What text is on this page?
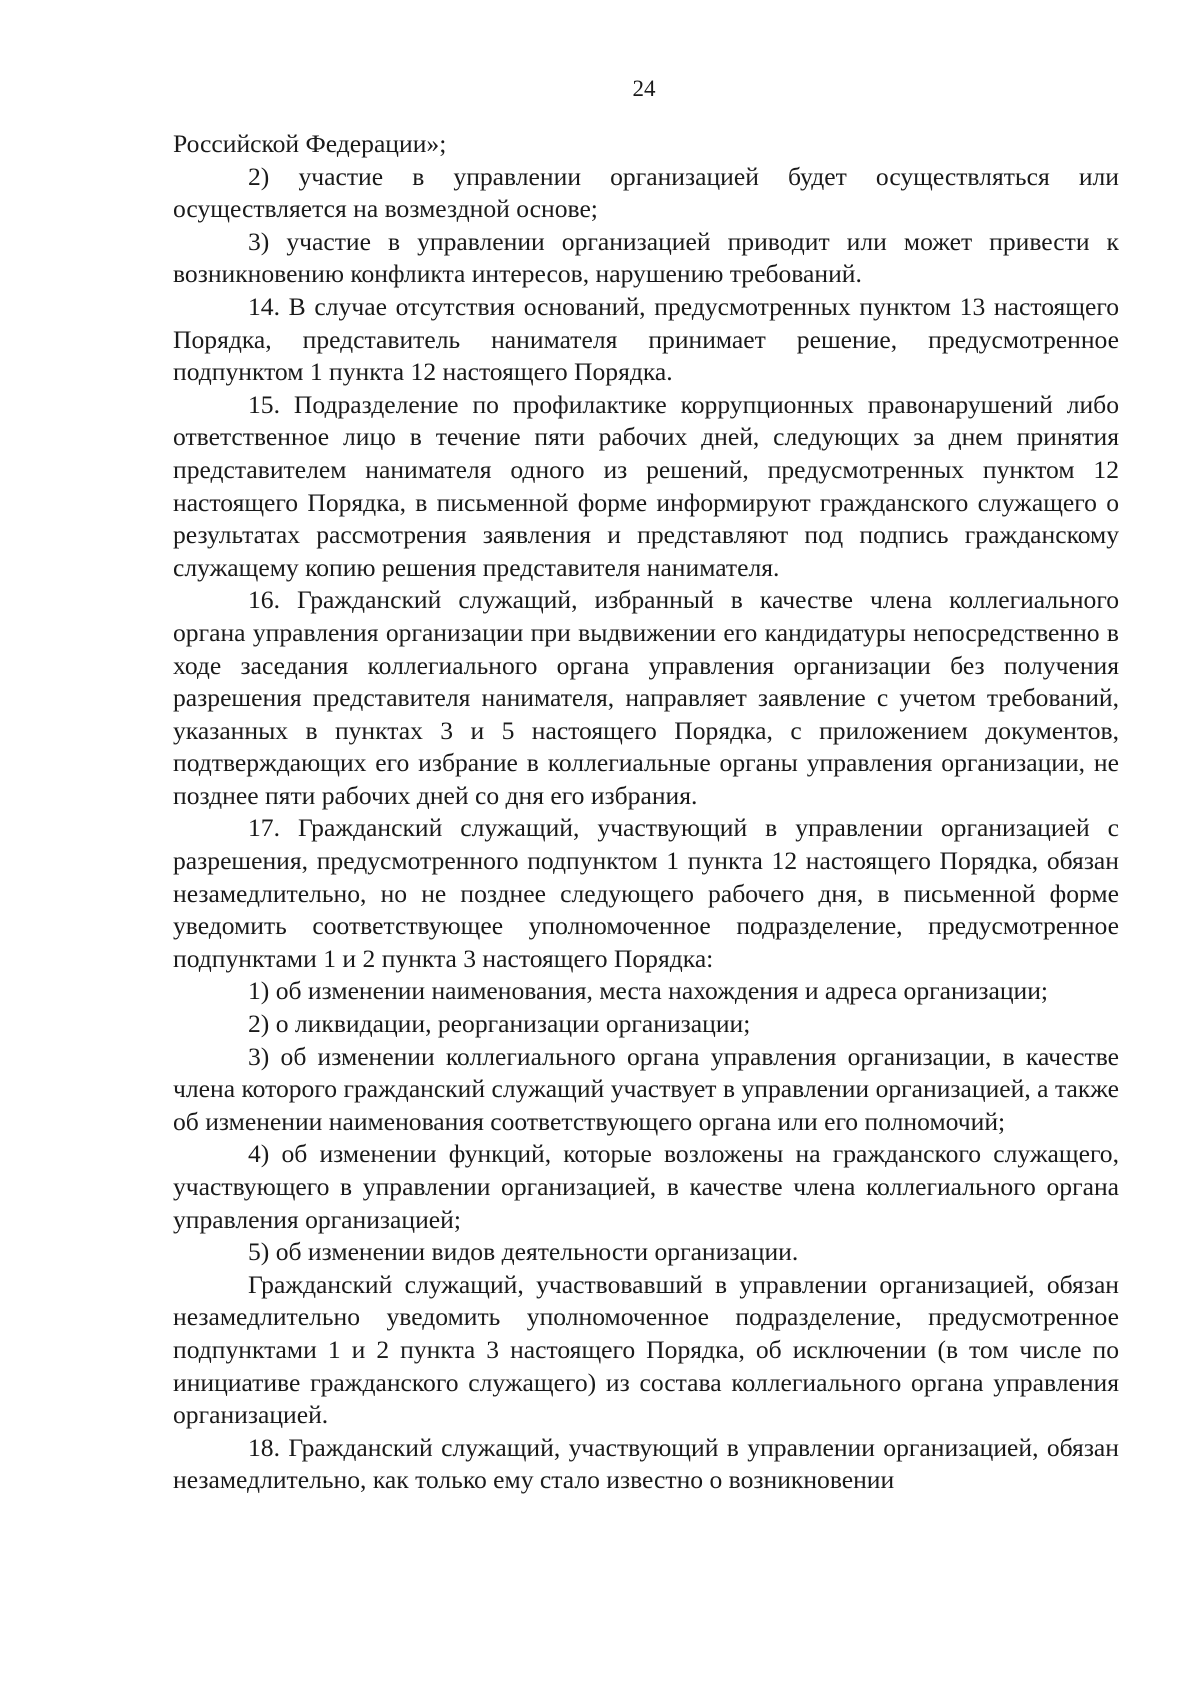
24

Российской Федерации»;

2) участие в управлении организацией будет осуществляться или осуществляется на возмездной основе;

3) участие в управлении организацией приводит или может привести к возникновению конфликта интересов, нарушению требований.

14. В случае отсутствия оснований, предусмотренных пунктом 13 настоящего Порядка, представитель нанимателя принимает решение, предусмотренное подпунктом 1 пункта 12 настоящего Порядка.

15. Подразделение по профилактике коррупционных правонарушений либо ответственное лицо в течение пяти рабочих дней, следующих за днем принятия представителем нанимателя одного из решений, предусмотренных пунктом 12 настоящего Порядка, в письменной форме информируют гражданского служащего о результатах рассмотрения заявления и представляют под подпись гражданскому служащему копию решения представителя нанимателя.

16. Гражданский служащий, избранный в качестве члена коллегиального органа управления организации при выдвижении его кандидатуры непосредственно в ходе заседания коллегиального органа управления организации без получения разрешения представителя нанимателя, направляет заявление с учетом требований, указанных в пунктах 3 и 5 настоящего Порядка, с приложением документов, подтверждающих его избрание в коллегиальные органы управления организации, не позднее пяти рабочих дней со дня его избрания.

17. Гражданский служащий, участвующий в управлении организацией с разрешения, предусмотренного подпунктом 1 пункта 12 настоящего Порядка, обязан незамедлительно, но не позднее следующего рабочего дня, в письменной форме уведомить соответствующее уполномоченное подразделение, предусмотренное подпунктами 1 и 2 пункта 3 настоящего Порядка:

1) об изменении наименования, места нахождения и адреса организации;

2) о ликвидации, реорганизации организации;

3) об изменении коллегиального органа управления организации, в качестве члена которого гражданский служащий участвует в управлении организацией, а также об изменении наименования соответствующего органа или его полномочий;

4) об изменении функций, которые возложены на гражданского служащего, участвующего в управлении организацией, в качестве члена коллегиального органа управления организацией;

5) об изменении видов деятельности организации.

Гражданский служащий, участвовавший в управлении организацией, обязан незамедлительно уведомить уполномоченное подразделение, предусмотренное подпунктами 1 и 2 пункта 3 настоящего Порядка, об исключении (в том числе по инициативе гражданского служащего) из состава коллегиального органа управления организацией.

18. Гражданский служащий, участвующий в управлении организацией, обязан незамедлительно, как только ему стало известно о возникновении
